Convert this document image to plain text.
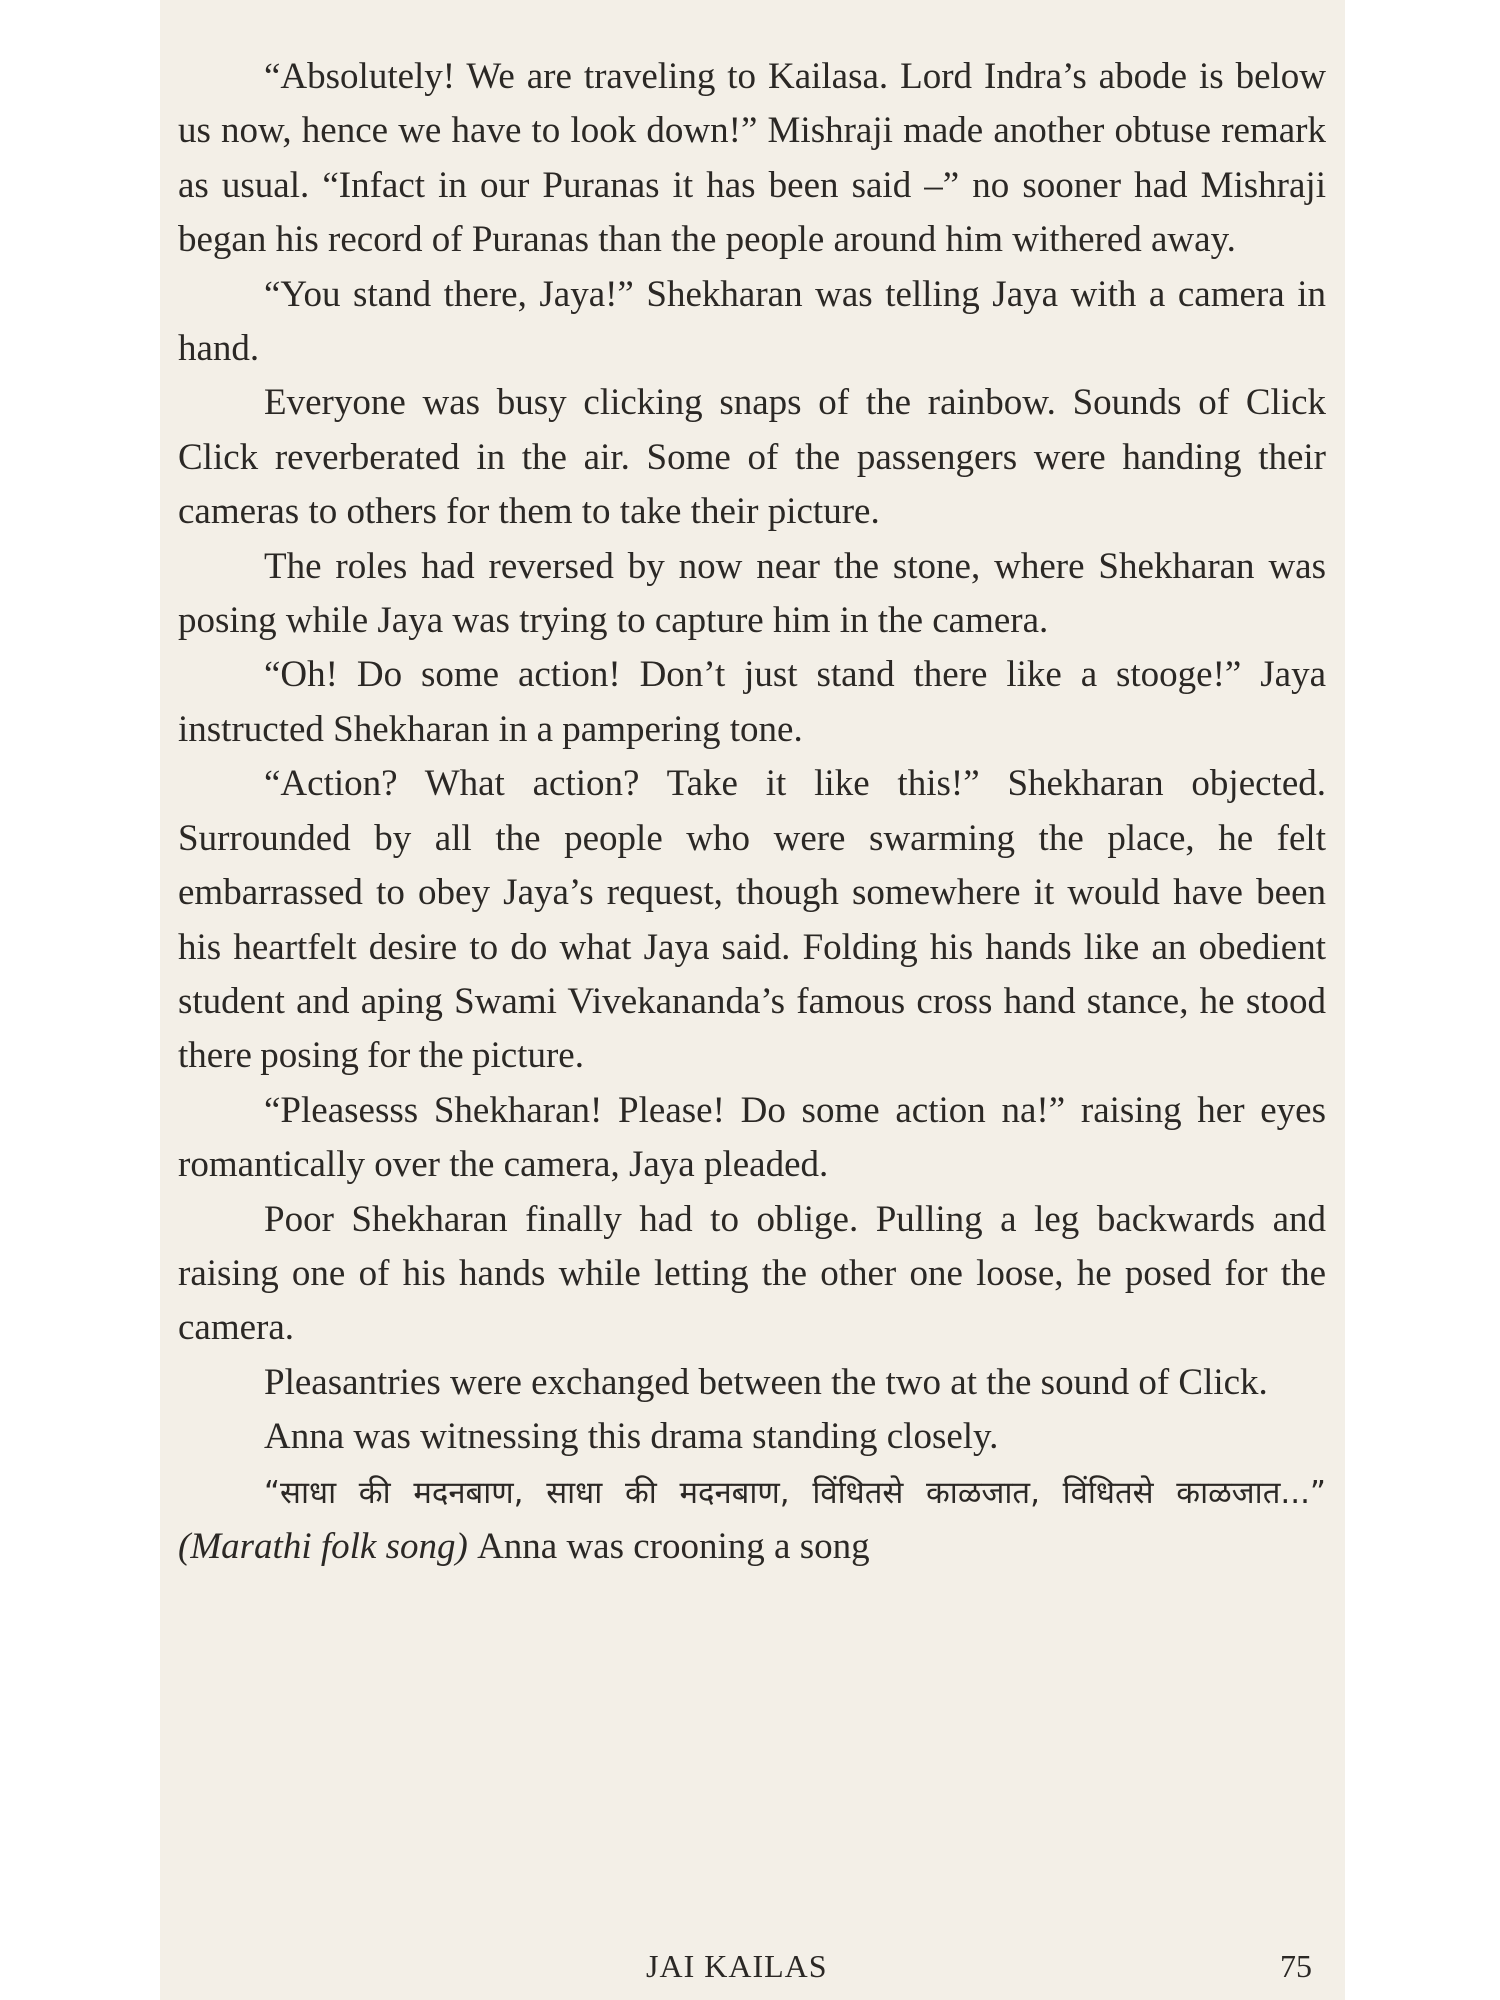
“Absolutely! We are traveling to Kailasa. Lord Indra’s abode is below us now, hence we have to look down!” Mishraji made another obtuse remark as usual. “Infact in our Puranas it has been said –” no sooner had Mishraji began his record of Puranas than the people around him withered away.

“You stand there, Jaya!” Shekharan was telling Jaya with a camera in hand.

Everyone was busy clicking snaps of the rainbow. Sounds of Click Click reverberated in the air. Some of the passengers were handing their cameras to others for them to take their picture.

The roles had reversed by now near the stone, where Shekharan was posing while Jaya was trying to capture him in the camera.

“Oh! Do some action! Don’t just stand there like a stooge!” Jaya instructed Shekharan in a pampering tone.

“Action? What action? Take it like this!” Shekharan objected. Surrounded by all the people who were swarming the place, he felt embarrassed to obey Jaya’s request, though somewhere it would have been his heartfelt desire to do what Jaya said. Folding his hands like an obedient student and aping Swami Vivekananda’s famous cross hand stance, he stood there posing for the picture.

“Pleasesss Shekharan! Please! Do some action na!” raising her eyes romantically over the camera, Jaya pleaded.

Poor Shekharan finally had to oblige. Pulling a leg backwards and raising one of his hands while letting the other one loose, he posed for the camera.

Pleasantries were exchanged between the two at the sound of Click.

Anna was witnessing this drama standing closely.

“साधा की मदनबाण, साधा की मदनबाण, विंधितसे काळजात, विंधितसे काळजात...” (Marathi folk song) Anna was crooning a song

JAI KAILAS	75
